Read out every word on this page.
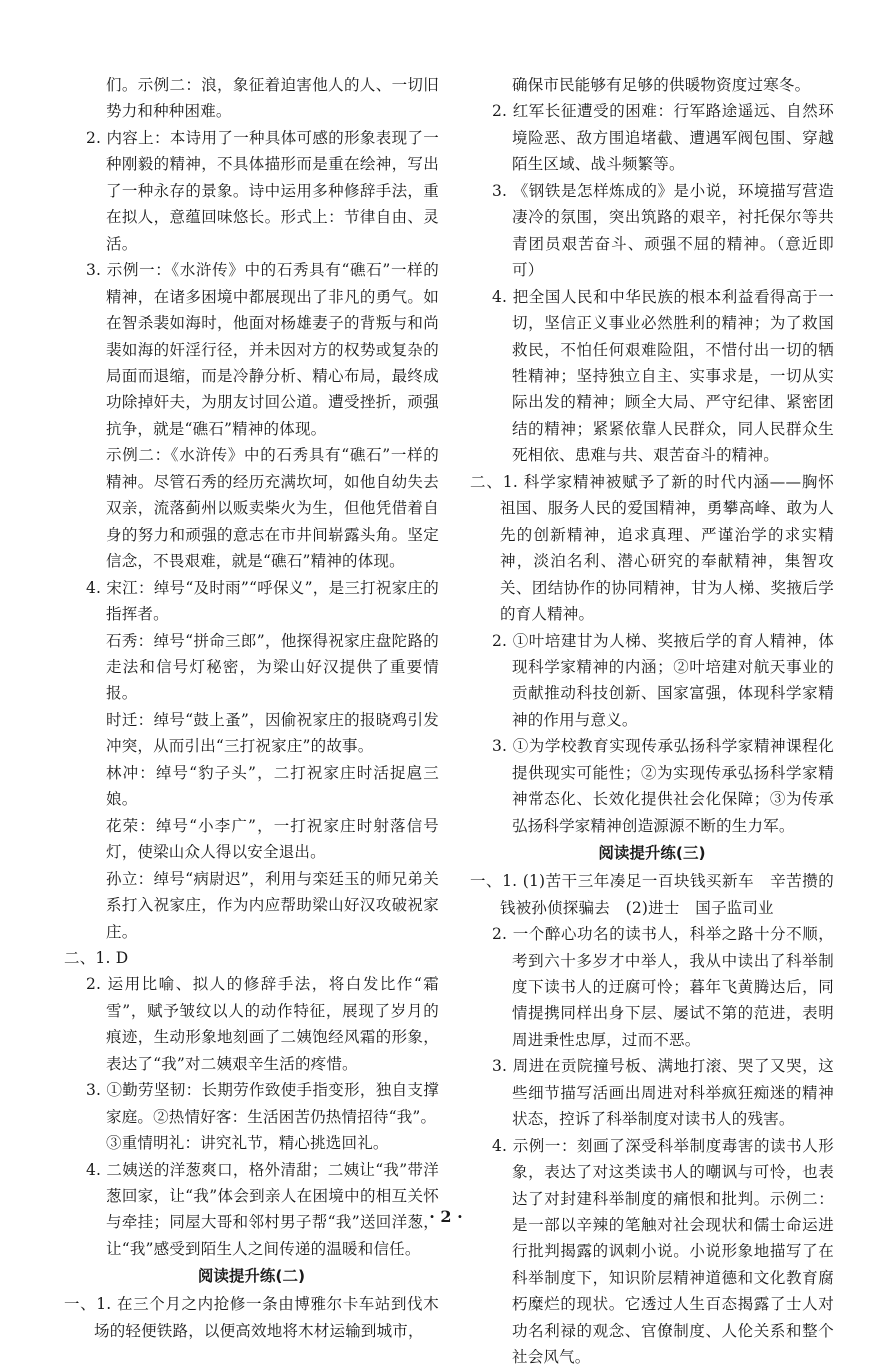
们。示例二：浪，象征着迫害他人的人、一切旧势力和种种困难。

2. 内容上：本诗用了一种具体可感的形象表现了一种刚毅的精神，不具体描形而是重在绘神，写出了一种永存的景象。诗中运用多种修辞手法，重在拟人，意蕴回味悠长。形式上：节律自由、灵活。

3. 示例一：《水浒传》中的石秀具有“礁石”一样的精神，在诸多困境中都展现出了非凡的勇气。如在智杀裴如海时，他面对杨雄妻子的背叛与和尚裴如海的奸淫行径，并未因对方的权势或复杂的局面而退缩，而是冷静分析、精心布局，最终成功除掉奸夫，为朋友讨回公道。遭受挫折，顽强抗争，就是“礁石”精神的体现。

示例二：《水浒传》中的石秀具有“礁石”一样的精神。尽管石秀的经历充满坎坷，如他自幼失去双亲，流落蓟州以贩卖柴火为生，但他凭借着自身的努力和顽强的意志在市井间崭露头角。坚定信念，不畏艰难，就是“礁石”精神的体现。

4. 宋江：绰号“及时雨”“呼保义”，是三打祝家庄的指挥者。

石秀：绰号“拼命三郎”，他探得祝家庄盘陀路的走法和信号灯秘密，为梁山好汉提供了重要情报。

时迁：绰号“鼓上蚤”，因偷祝家庄的报晓鸡引发冲突，从而引出“三打祝家庄”的故事。

林冲：绰号“豹子头”，二打祝家庄时活捉扈三娘。

花荣：绰号“小李广”，一打祝家庄时射落信号灯，使梁山众人得以安全退出。

孙立：绰号“病尉迟”，利用与栾廷玉的师兄弟关系打入祝家庄，作为内应帮助梁山好汉攻破祝家庄。

二、1. D

2. 运用比喻、拟人的修辞手法，将白发比作“霜雪”，赋予皱纹以人的动作特征，展现了岁月的痕迹，生动形象地刻画了二姨饱经风霜的形象，表达了“我”对二姨艰辛生活的疼惜。

3. ①勤劳坚韧：长期劳作致使手指变形，独自支撑家庭。②热情好客：生活困苦仍热情招待“我”。

③重情明礼：讲究礼节，精心挑选回礼。

4. 二姨送的洋葱爽口，格外清甜；二姨让“我”带洋葱回家，让“我”体会到亲人在困境中的相互关怀与牵挂；同屋大哥和邻村男子帮“我”送回洋葱，让“我”感受到陌生人之间传递的温暖和信任。

阅读提升练(二)

一、1. 在三个月之内抢修一条由博雅尔卡车站到伐木场的轻便铁路，以便高效地将木材运输到城市，

确保市民能够有足够的供暖物资度过寒冬。

2. 红军长征遭受的困难：行军路途遥远、自然环境险恶、敌方围追堵截、遭遇军阀包围、穿越陌生区域、战斗频繁等。

3. 《钢铁是怎样炼成的》是小说，环境描写营造凄冷的氛围，突出筑路的艰辛，衬托保尔等共青团员艰苦奋斗、顽强不屈的精神。（意近即可）

4. 把全国人民和中华民族的根本利益看得高于一切，坚信正义事业必然胜利的精神；为了救国救民，不怕任何艰难险阻，不惜付出一切的牺牲精神；坚持独立自主、实事求是，一切从实际出发的精神；顾全大局、严守纪律、紧密团结的精神；紧紧依靠人民群众，同人民群众生死相依、患难与共、艰苦奋斗的精神。

二、1. 科学家精神被赋予了新的时代内涵——胸怀祖国、服务人民的爱国精神，勇攀高峰、敢为人先的创新精神，追求真理、严谨治学的求实精神，淡泊名利、潜心研究的奉献精神，集智攻关、团结协作的协同精神，甘为人梯、奖掖后学的育人精神。

2. ①叶培建甘为人梯、奖掖后学的育人精神，体现科学家精神的内涵；②叶培建对航天事业的贡献推动科技创新、国家富强，体现科学家精神的作用与意义。

3. ①为学校教育实现传承弘扬科学家精神课程化提供现实可能性；②为实现传承弘扬科学家精神常态化、长效化提供社会化保障；③为传承弘扬科学家精神创造源源不断的生力军。

阅读提升练(三)

一、1. (1)苦干三年凑足一百块钱买新车　辛苦攒的钱被孙侦探骗去　(2)进士　国子监司业

2. 一个醉心功名的读书人，科举之路十分不顺，考到六十多岁才中举人，我从中读出了科举制度下读书人的迂腐可怜；暮年飞黄腾达后，同情提携同样出身下层、屡试不第的范进，表明周进秉性忠厚，过而不恶。

3. 周进在贡院撞号板、满地打滚、哭了又哭，这些细节描写活画出周进对科举疯狂痴迷的精神状态，控诉了科举制度对读书人的残害。

4. 示例一：刻画了深受科举制度毒害的读书人形象，表达了对这类读书人的嘲讽与可怜，也表达了对封建科举制度的痛恨和批判。示例二：是一部以辛辣的笔触对社会现状和儒士命运进行批判揭露的讽刺小说。小说形象地描写了在科举制度下，知识阶层精神道德和文化教育腐朽糜烂的现状。它透过人生百态揭露了士人对功名利禄的观念、官僚制度、人伦关系和整个社会风气。

· 2 ·
